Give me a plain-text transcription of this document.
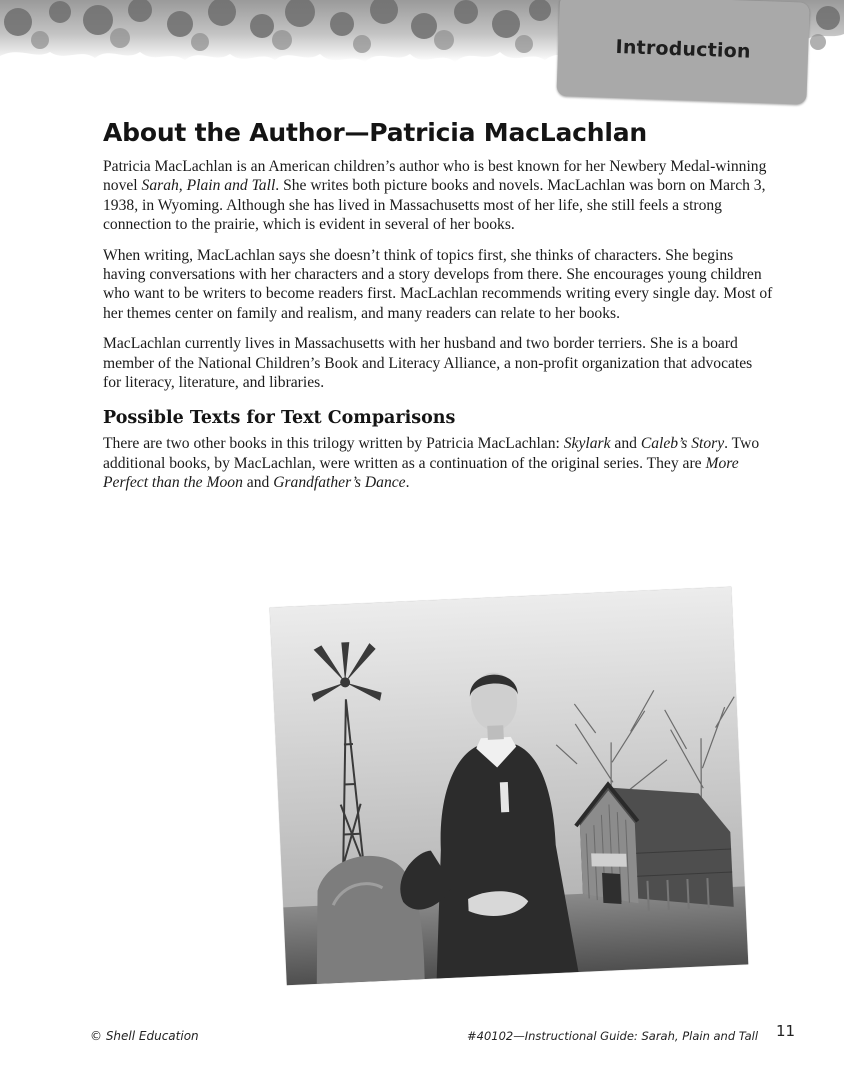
Introduction
About the Author—Patricia MacLachlan

Patricia MacLachlan is an American children’s author who is best known for her Newbery Medal-winning novel Sarah, Plain and Tall. She writes both picture books and novels. MacLachlan was born on March 3, 1938, in Wyoming. Although she has lived in Massachusetts most of her life, she still feels a strong connection to the prairie, which is evident in several of her books.

When writing, MacLachlan says she doesn’t think of topics first, she thinks of characters. She begins having conversations with her characters and a story develops from there. She encourages young children who want to be writers to become readers first. MacLachlan recommends writing every single day. Most of her themes center on family and realism, and many readers can relate to her books.

MacLachlan currently lives in Massachusetts with her husband and two border terriers. She is a board member of the National Children’s Book and Literacy Alliance, a non-profit organization that advocates for literacy, literature, and libraries.

Possible Texts for Text Comparisons

There are two other books in this trilogy written by Patricia MacLachlan: Skylark and Caleb’s Story. Two additional books, by MacLachlan, were written as a continuation of the original series. They are More Perfect than the Moon and Grandfather’s Dance.

© Shell Education	#40102—Instructional Guide: Sarah, Plain and Tall 11
